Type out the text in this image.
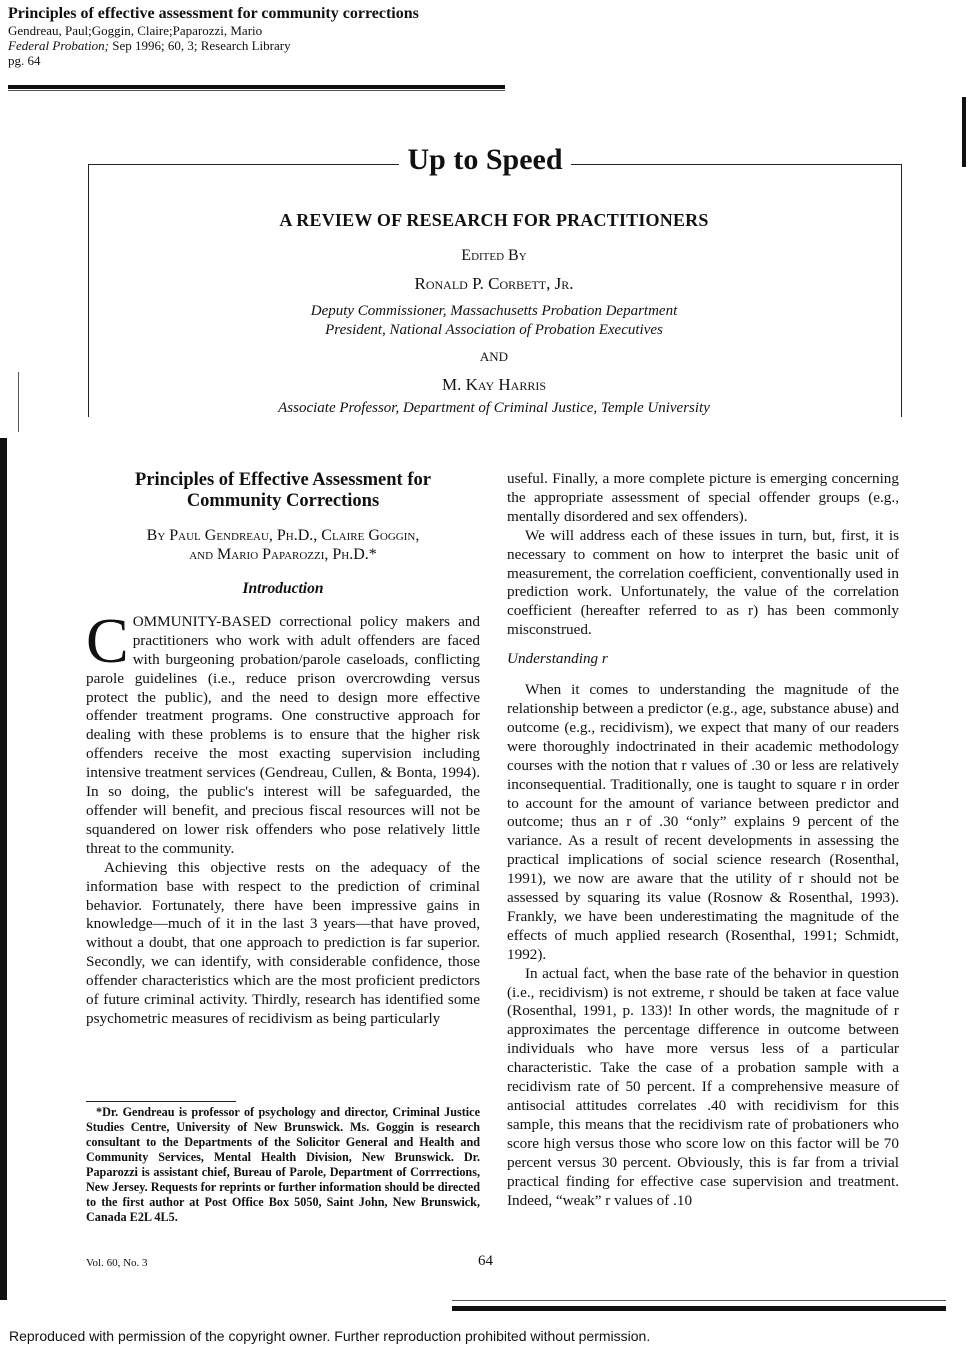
Principles of effective assessment for community corrections
Gendreau, Paul;Goggin, Claire;Paparozzi, Mario
Federal Probation; Sep 1996; 60, 3; Research Library
pg. 64
Up to Speed
A REVIEW OF RESEARCH FOR PRACTITIONERS
Edited By
Ronald P. Corbett, Jr.
Deputy Commissioner, Massachusetts Probation Department
President, National Association of Probation Executives
AND
M. Kay Harris
Associate Professor, Department of Criminal Justice, Temple University
Principles of Effective Assessment for Community Corrections
By Paul Gendreau, Ph.D., Claire Goggin,
and Mario Paparozzi, Ph.D.*
Introduction

COMMUNITY-BASED correctional policy makers and practitioners who work with adult offenders are faced with burgeoning probation/parole caseloads, conflicting parole guidelines (i.e., reduce prison overcrowding versus protect the public), and the need to design more effective offender treatment programs. One constructive approach for dealing with these problems is to ensure that the higher risk offenders receive the most exacting supervision including intensive treatment services (Gendreau, Cullen, & Bonta, 1994). In so doing, the public's interest will be safeguarded, the offender will benefit, and precious fiscal resources will not be squandered on lower risk offenders who pose relatively little threat to the community.

Achieving this objective rests on the adequacy of the information base with respect to the prediction of criminal behavior. Fortunately, there have been impressive gains in knowledge—much of it in the last 3 years—that have proved, without a doubt, that one approach to prediction is far superior. Secondly, we can identify, with considerable confidence, those offender characteristics which are the most proficient predictors of future criminal activity. Thirdly, research has identified some psychometric measures of recidivism as being particularly

*Dr. Gendreau is professor of psychology and director, Criminal Justice Studies Centre, University of New Brunswick. Ms. Goggin is research consultant to the Departments of the Solicitor General and Health and Community Services, Mental Health Division, New Brunswick. Dr. Paparozzi is assistant chief, Bureau of Parole, Department of Corrrections, New Jersey. Requests for reprints or further information should be directed to the first author at Post Office Box 5050, Saint John, New Brunswick, Canada E2L 4L5.

useful. Finally, a more complete picture is emerging concerning the appropriate assessment of special offender groups (e.g., mentally disordered and sex offenders).

We will address each of these issues in turn, but, first, it is necessary to comment on how to interpret the basic unit of measurement, the correlation coefficient, conventionally used in prediction work. Unfortunately, the value of the correlation coefficient (hereafter referred to as r) has been commonly misconstrued.

Understanding r

When it comes to understanding the magnitude of the relationship between a predictor (e.g., age, substance abuse) and outcome (e.g., recidivism), we expect that many of our readers were thoroughly indoctrinated in their academic methodology courses with the notion that r values of .30 or less are relatively inconsequential. Traditionally, one is taught to square r in order to account for the amount of variance between predictor and outcome; thus an r of .30 “only” explains 9 percent of the variance. As a result of recent developments in assessing the practical implications of social science research (Rosenthal, 1991), we now are aware that the utility of r should not be assessed by squaring its value (Rosnow & Rosenthal, 1993). Frankly, we have been underestimating the magnitude of the effects of much applied research (Rosenthal, 1991; Schmidt, 1992).

In actual fact, when the base rate of the behavior in question (i.e., recidivism) is not extreme, r should be taken at face value (Rosenthal, 1991, p. 133)! In other words, the magnitude of r approximates the percentage difference in outcome between individuals who have more versus less of a particular characteristic. Take the case of a probation sample with a recidivism rate of 50 percent. If a comprehensive measure of antisocial attitudes correlates .40 with recidivism for this sample, this means that the recidivism rate of probationers who score high versus those who score low on this factor will be 70 percent versus 30 percent. Obviously, this is far from a trivial practical finding for effective case supervision and treatment. Indeed, “weak” r values of .10

Vol. 60, No. 3	64
Reproduced with permission of the copyright owner. Further reproduction prohibited without permission.
